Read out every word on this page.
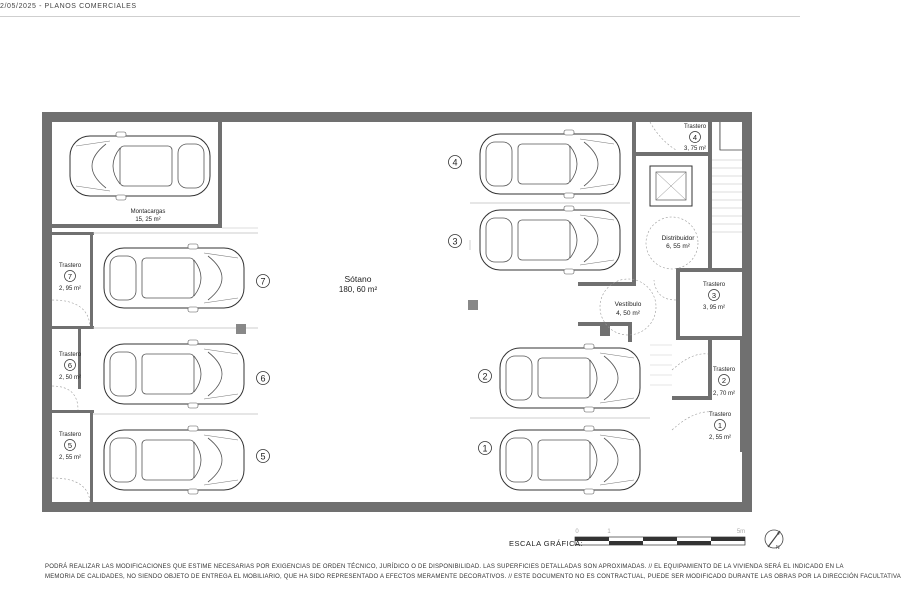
2/05/2025 - PLANOS COMERCIALES
Sótano
180, 60 m²
Montacargas
15, 25 m²
Distribuidor
6, 55 m²
Vestíbulo
4, 50 m²
Trastero
7
2, 95 m²
Trastero
6
2, 50 m²
Trastero
5
2, 55 m²
Trastero
4
3, 75 m²
Trastero
3
3, 95 m²
Trastero
2
2, 70 m²
Trastero
1
2, 55 m²
7
6
5
4
3
2
1
0	1	5m
ESCALA GRÁFICA:	N
PODRÁ REALIZAR LAS MODIFICACIONES QUE ESTIME NECESARIAS POR EXIGENCIAS DE ORDEN TÉCNICO, JURÍDICO O DE DISPONIBILIDAD. LAS SUPERFICIES DETALLADAS SON APROXIMADAS. // EL EQUIPAMIENTO DE LA VIVIENDA SERÁ EL INDICADO EN LA
MEMORIA DE CALIDADES, NO SIENDO OBJETO DE ENTREGA EL MOBILIARIO, QUE HA SIDO REPRESENTADO A EFECTOS MERAMENTE DECORATIVOS. // ESTE DOCUMENTO NO ES CONTRACTUAL, PUEDE SER MODIFICADO DURANTE LAS OBRAS POR LA DIRECCIÓN FACULTATIVA
